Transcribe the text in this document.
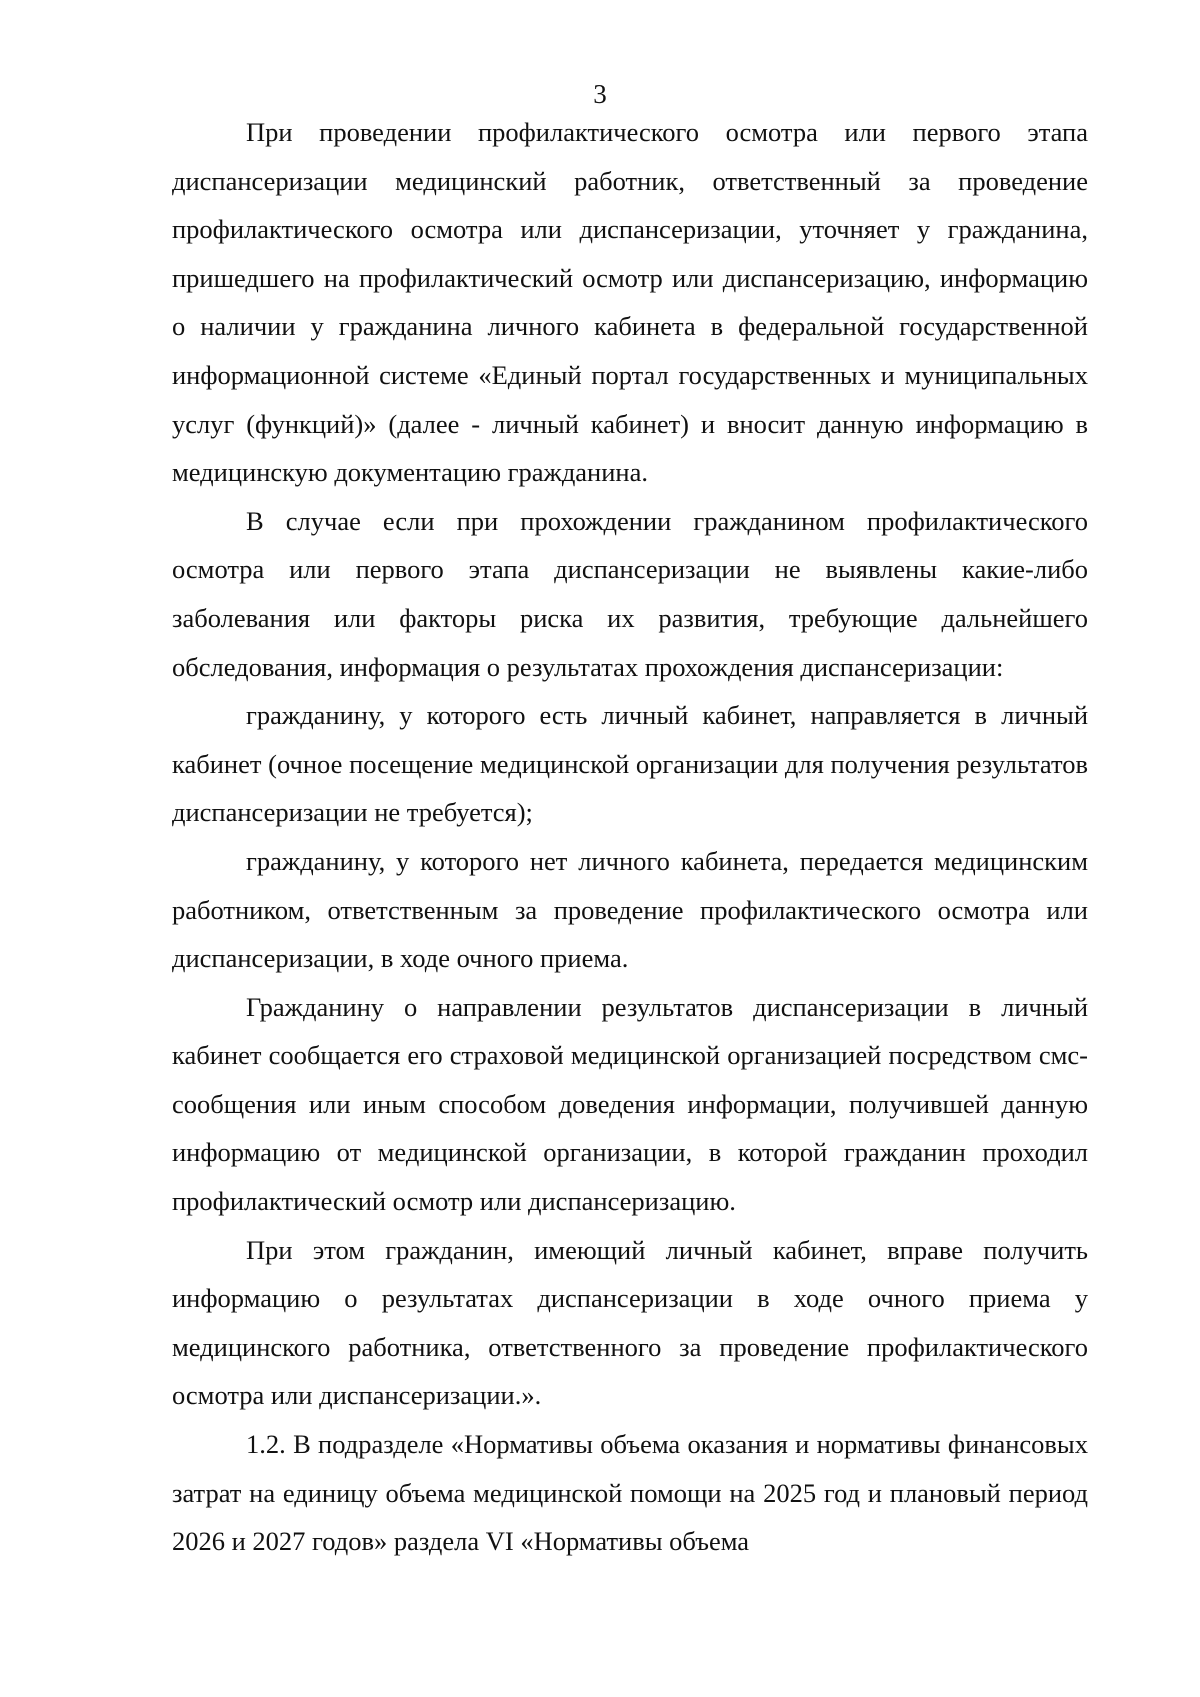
3

При проведении профилактического осмотра или первого этапа диспансеризации медицинский работник, ответственный за проведение профилактического осмотра или диспансеризации, уточняет у гражданина, пришедшего на профилактический осмотр или диспансеризацию, информацию о наличии у гражданина личного кабинета в федеральной государственной информационной системе «Единый портал государственных и муниципальных услуг (функций)» (далее - личный кабинет) и вносит данную информацию в медицинскую документацию гражданина.

В случае если при прохождении гражданином профилактического осмотра или первого этапа диспансеризации не выявлены какие-либо заболевания или факторы риска их развития, требующие дальнейшего обследования, информация о результатах прохождения диспансеризации:

гражданину, у которого есть личный кабинет, направляется в личный кабинет (очное посещение медицинской организации для получения результатов диспансеризации не требуется);

гражданину, у которого нет личного кабинета, передается медицинским работником, ответственным за проведение профилактического осмотра или диспансеризации, в ходе очного приема.

Гражданину о направлении результатов диспансеризации в личный кабинет сообщается его страховой медицинской организацией посредством смс-сообщения или иным способом доведения информации, получившей данную информацию от медицинской организации, в которой гражданин проходил профилактический осмотр или диспансеризацию.

При этом гражданин, имеющий личный кабинет, вправе получить информацию о результатах диспансеризации в ходе очного приема у медицинского работника, ответственного за проведение профилактического осмотра или диспансеризации.».

1.2. В подразделе «Нормативы объема оказания и нормативы финансовых затрат на единицу объема медицинской помощи на 2025 год и плановый период 2026 и 2027 годов» раздела VI «Нормативы объема
